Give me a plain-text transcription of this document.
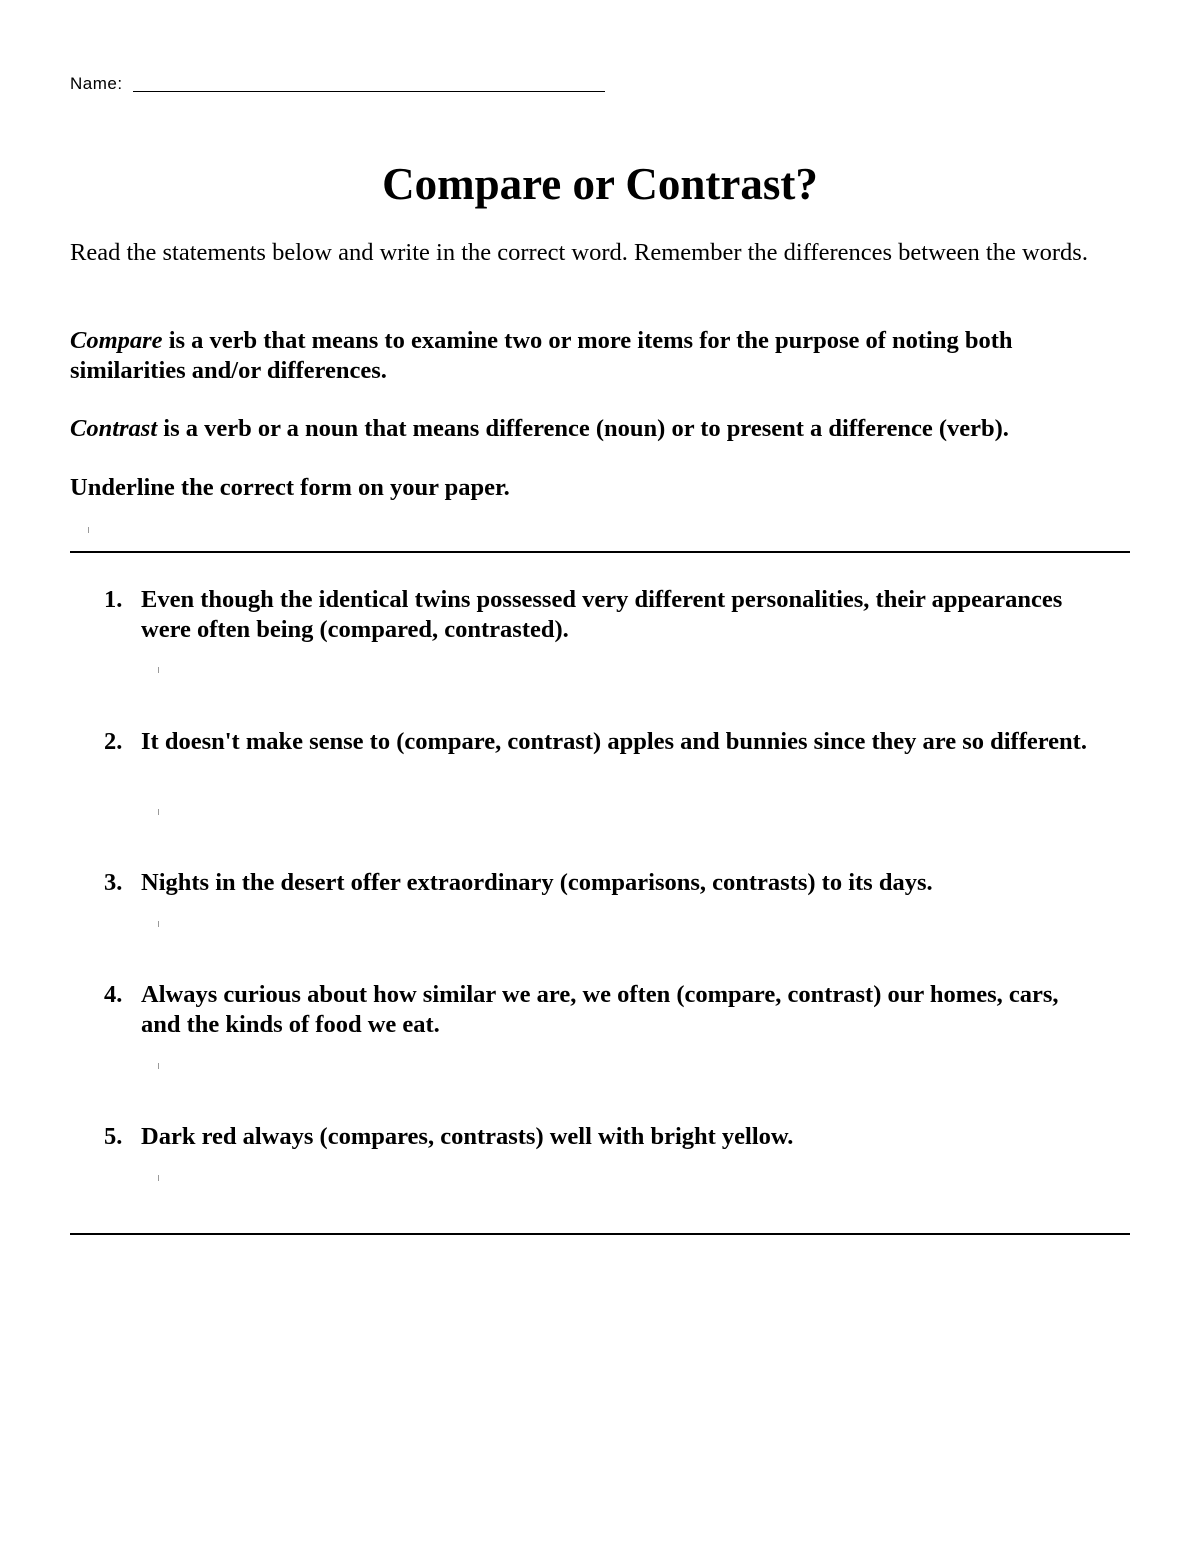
Name:
Compare or Contrast?

Read the statements below and write in the correct word. Remember the differences between the words.

Compare is a verb that means to examine two or more items for the purpose of noting both similarities and/or differences.

Contrast is a verb or a noun that means difference (noun) or to present a difference (verb).

Underline the correct form on your paper.

1. Even though the identical twins possessed very different personalities, their appearances were often being (compared, contrasted).
2. It doesn't make sense to (compare, contrast) apples and bunnies since they are so different.
3. Nights in the desert offer extraordinary (comparisons, contrasts) to its days.
4. Always curious about how similar we are, we often (compare, contrast) our homes, cars, and the kinds of food we eat.
5. Dark red always (compares, contrasts) well with bright yellow.
